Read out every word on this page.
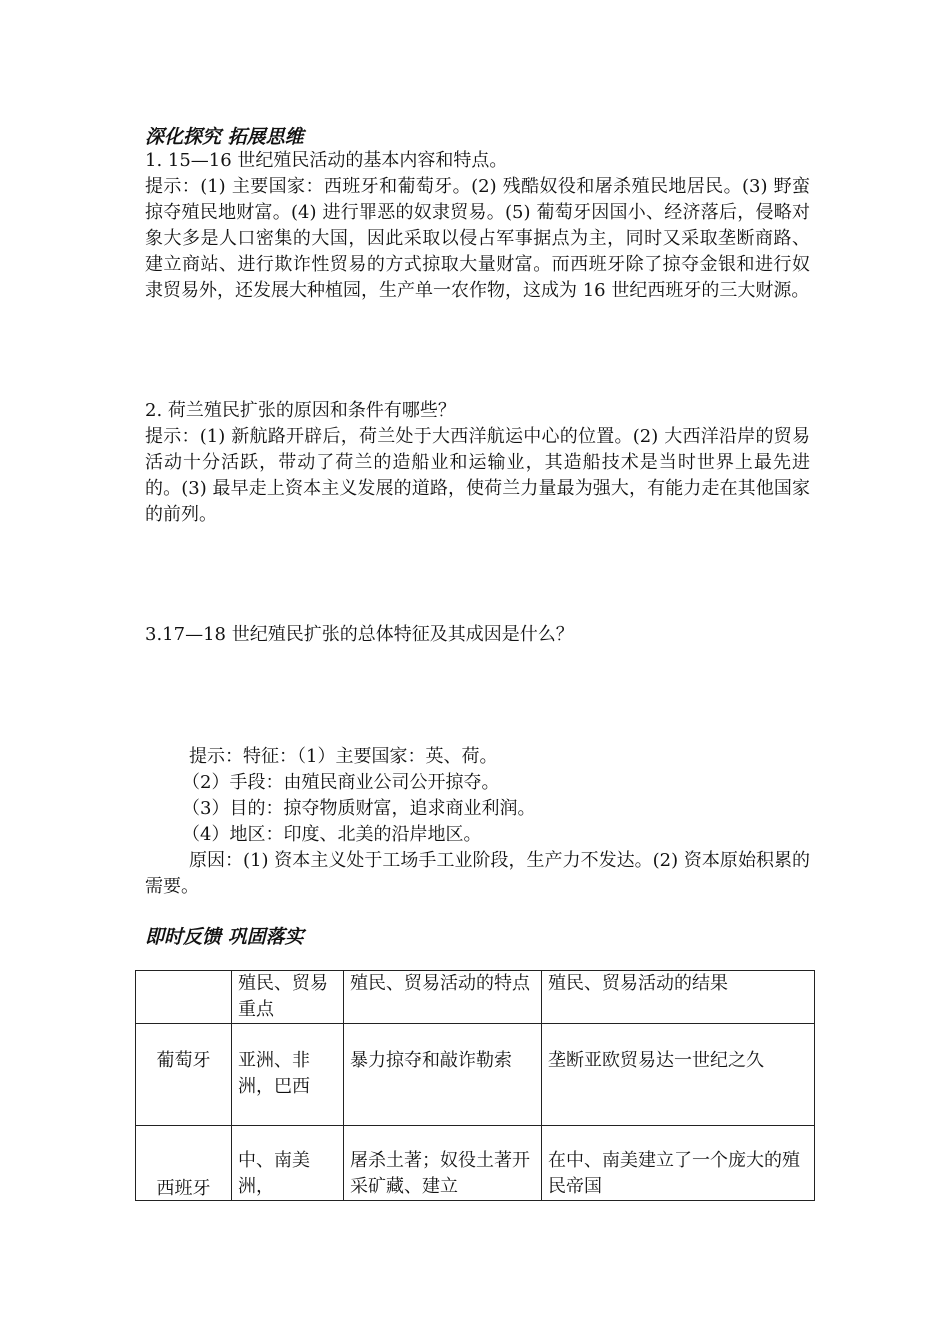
深化探究 拓展思维

1. 15—16 世纪殖民活动的基本内容和特点。

提示：(1) 主要国家：西班牙和葡萄牙。(2) 残酷奴役和屠杀殖民地居民。(3) 野蛮掠夺殖民地财富。(4) 进行罪恶的奴隶贸易。(5) 葡萄牙因国小、经济落后，侵略对象大多是人口密集的大国，因此采取以侵占军事据点为主，同时又采取垄断商路、建立商站、进行欺诈性贸易的方式掠取大量财富。而西班牙除了掠夺金银和进行奴隶贸易外，还发展大种植园，生产单一农作物，这成为 16 世纪西班牙的三大财源。

2. 荷兰殖民扩张的原因和条件有哪些？

提示：(1) 新航路开辟后，荷兰处于大西洋航运中心的位置。(2) 大西洋沿岸的贸易活动十分活跃，带动了荷兰的造船业和运输业，其造船技术是当时世界上最先进的。(3) 最早走上资本主义发展的道路，使荷兰力量最为强大，有能力走在其他国家的前列。

3.17—18 世纪殖民扩张的总体特征及其成因是什么？

提示：特征：（1）主要国家：英、荷。

（2）手段：由殖民商业公司公开掠夺。

（3）目的：掠夺物质财富，追求商业利润。

（4）地区：印度、北美的沿岸地区。

原因：(1) 资本主义处于工场手工业阶段，生产力不发达。(2) 资本原始积累的需要。
即时反馈 巩固落实
	殖民、贸易重点	殖民、贸易活动的特点	殖民、贸易活动的结果
葡萄牙	亚洲、非洲，巴西	暴力掠夺和敲诈勒索	垄断亚欧贸易达一世纪之久

西班牙	中、南美洲，	屠杀土著；奴役土著开采矿藏、建立	在中、南美建立了一个庞大的殖民帝国
